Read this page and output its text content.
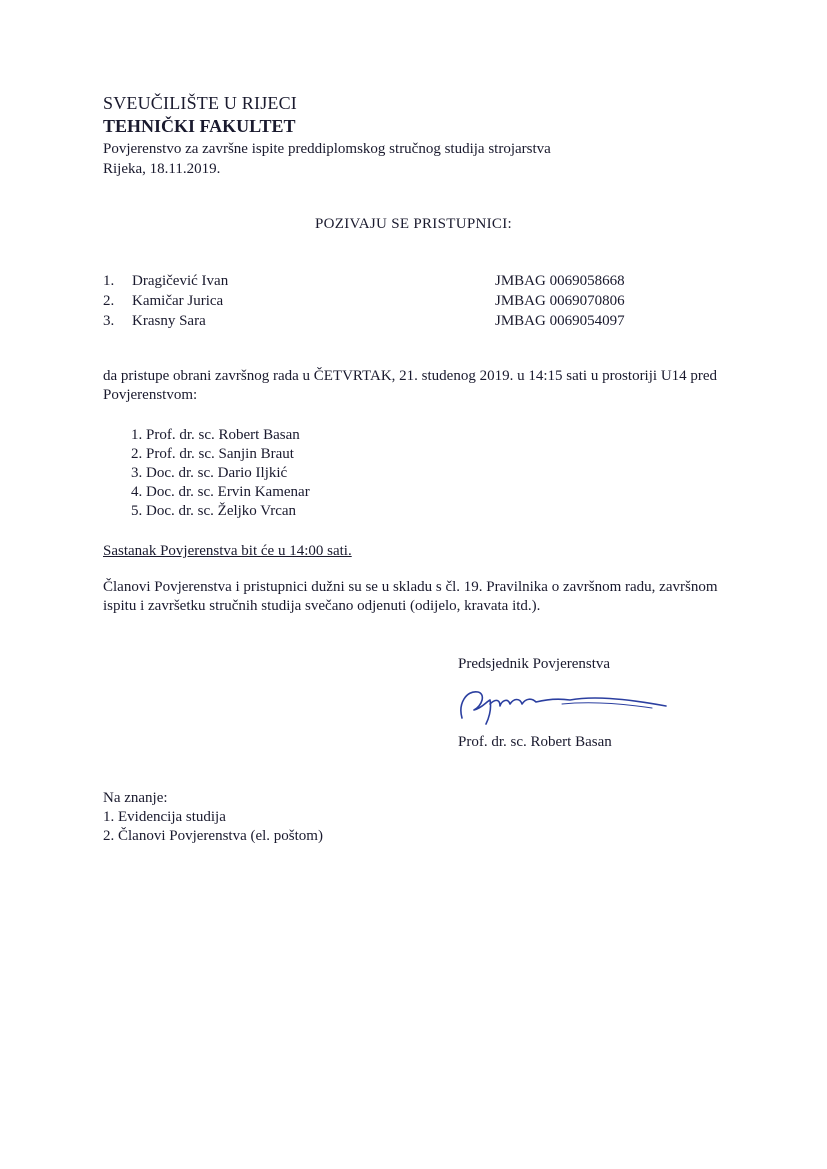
SVEUČILIŠTE U RIJECI
TEHNIČKI FAKULTET
Povjerenstvo za završne ispite preddiplomskog stručnog studija strojarstva
Rijeka, 18.11.2019.
POZIVAJU SE PRISTUPNICI:
1. Dragičević Ivan	JMBAG 0069058668
2. Kamičar Jurica	JMBAG 0069070806
3. Krasny Sara	JMBAG 0069054097
da pristupe obrani završnog rada u ČETVRTAK, 21. studenog 2019. u 14:15 sati u prostoriji U14 pred Povjerenstvom:
1. Prof. dr. sc. Robert Basan
2. Prof. dr. sc. Sanjin Braut
3. Doc. dr. sc. Dario Iljkić
4. Doc. dr. sc. Ervin Kamenar
5. Doc. dr. sc. Željko Vrcan
Sastanak Povjerenstva bit će u 14:00 sati.
Članovi Povjerenstva i pristupnici dužni su se u skladu s čl. 19. Pravilnika o završnom radu, završnom ispitu i završetku stručnih studija svečano odjenuti (odijelo, kravata itd.).
Predsjednik Povjerenstva
Prof. dr. sc. Robert Basan
Na znanje:
1. Evidencija studija
2. Članovi Povjerenstva (el. poštom)
